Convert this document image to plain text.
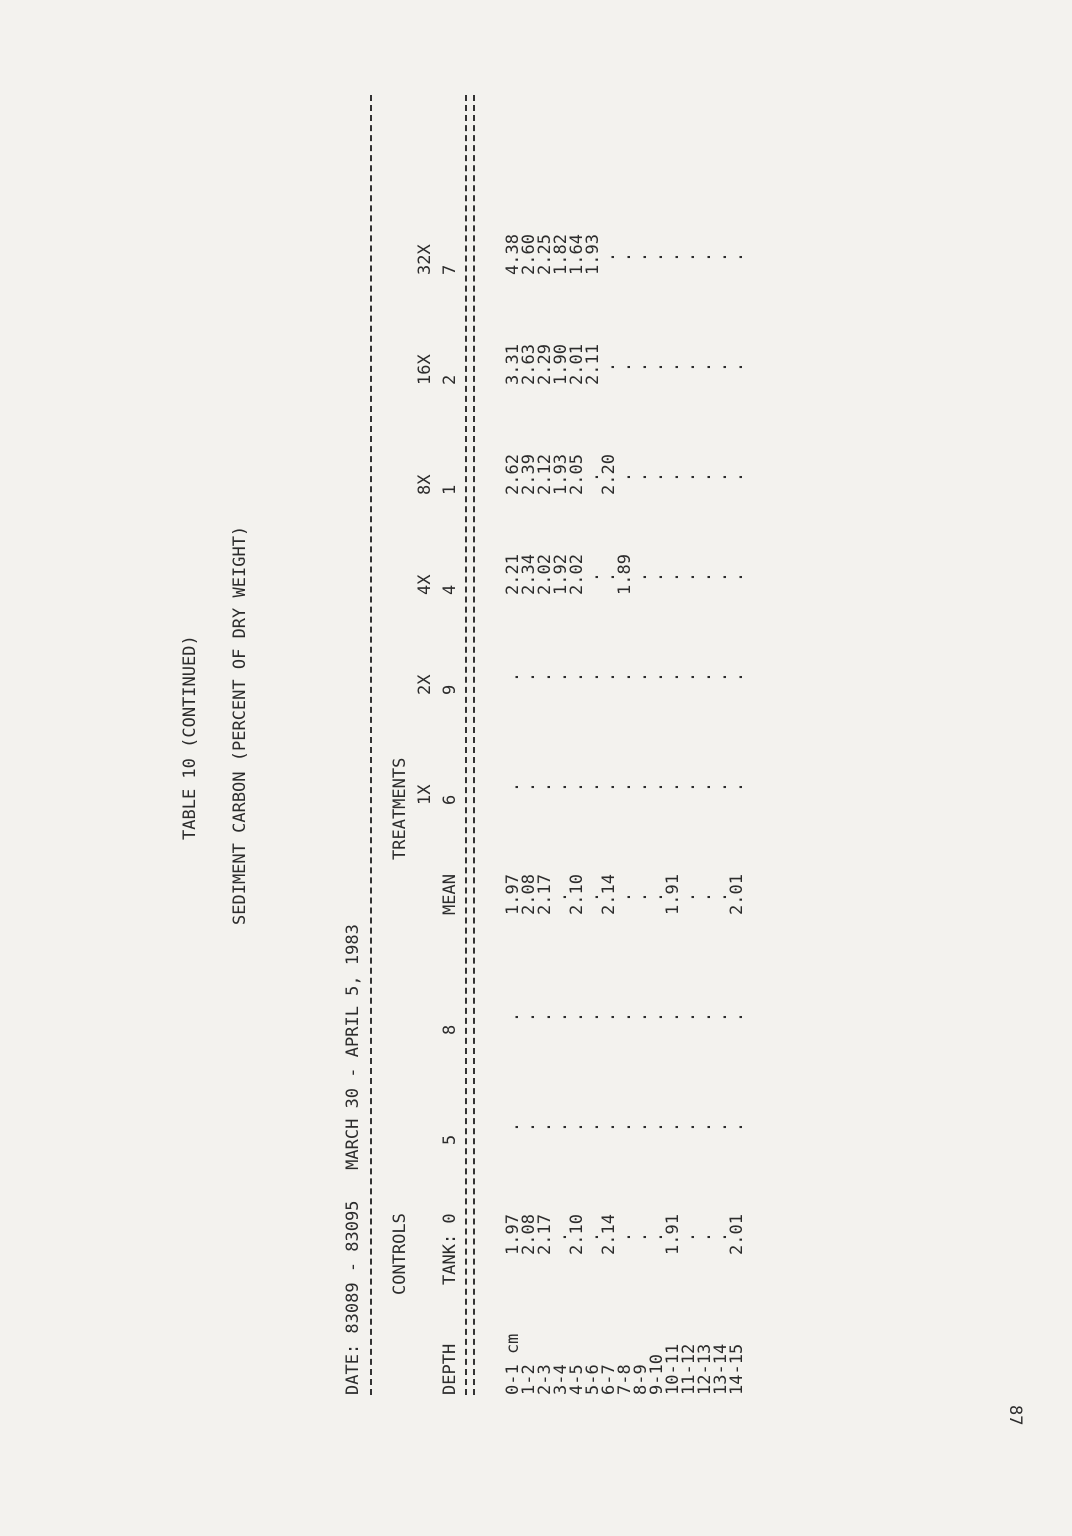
87
TABLE 10 (CONTINUED) SEDIMENT CARBON (PERCENT OF DRY WEIGHT)
DATE: 83089 - 83095   MARCH 30 - APRIL 5, 1983 CONTROLS
TREATMENTS 1X
2X
4X
8X
16X
32X
DEPTH
TANK: 0
5
8
MEAN
6
9
4
1
2
7
0-1 cm
1.97
.
.
1.97
.
.
2.21
2.62
3.31
4.38
1-2
2.08
.
.
2.08
.
.
2.34
2.39
2.63
2.60
2-3
2.17
.
.
2.17
.
.
2.02
2.12
2.29
2.25
3-4
.
.
.
.
.
.
1.92
1.93
1.90
1.82
4-5
2.10
.
.
2.10
.
.
2.02
2.05
2.01
1.64
5-6
.
.
.
.
.
.
.
.
2.11
1.93
6-7
2.14
.
.
2.14
.
.
.
2.20
.
.
7-8
.
.
.
.
.
.
1.89
.
.
.
8-9
.
.
.
.
.
.
.
.
.
.
9-10
.
.
.
.
.
.
.
.
.
.
10-11
1.91
.
.
1.91
.
.
.
.
.
.
11-12
.
.
.
.
.
.
.
.
.
.
12-13
.
.
.
.
.
.
.
.
.
.
13-14
.
.
.
.
.
.
.
.
.
.
14-15
2.01
.
.
2.01
.
.
.
.
.
.
